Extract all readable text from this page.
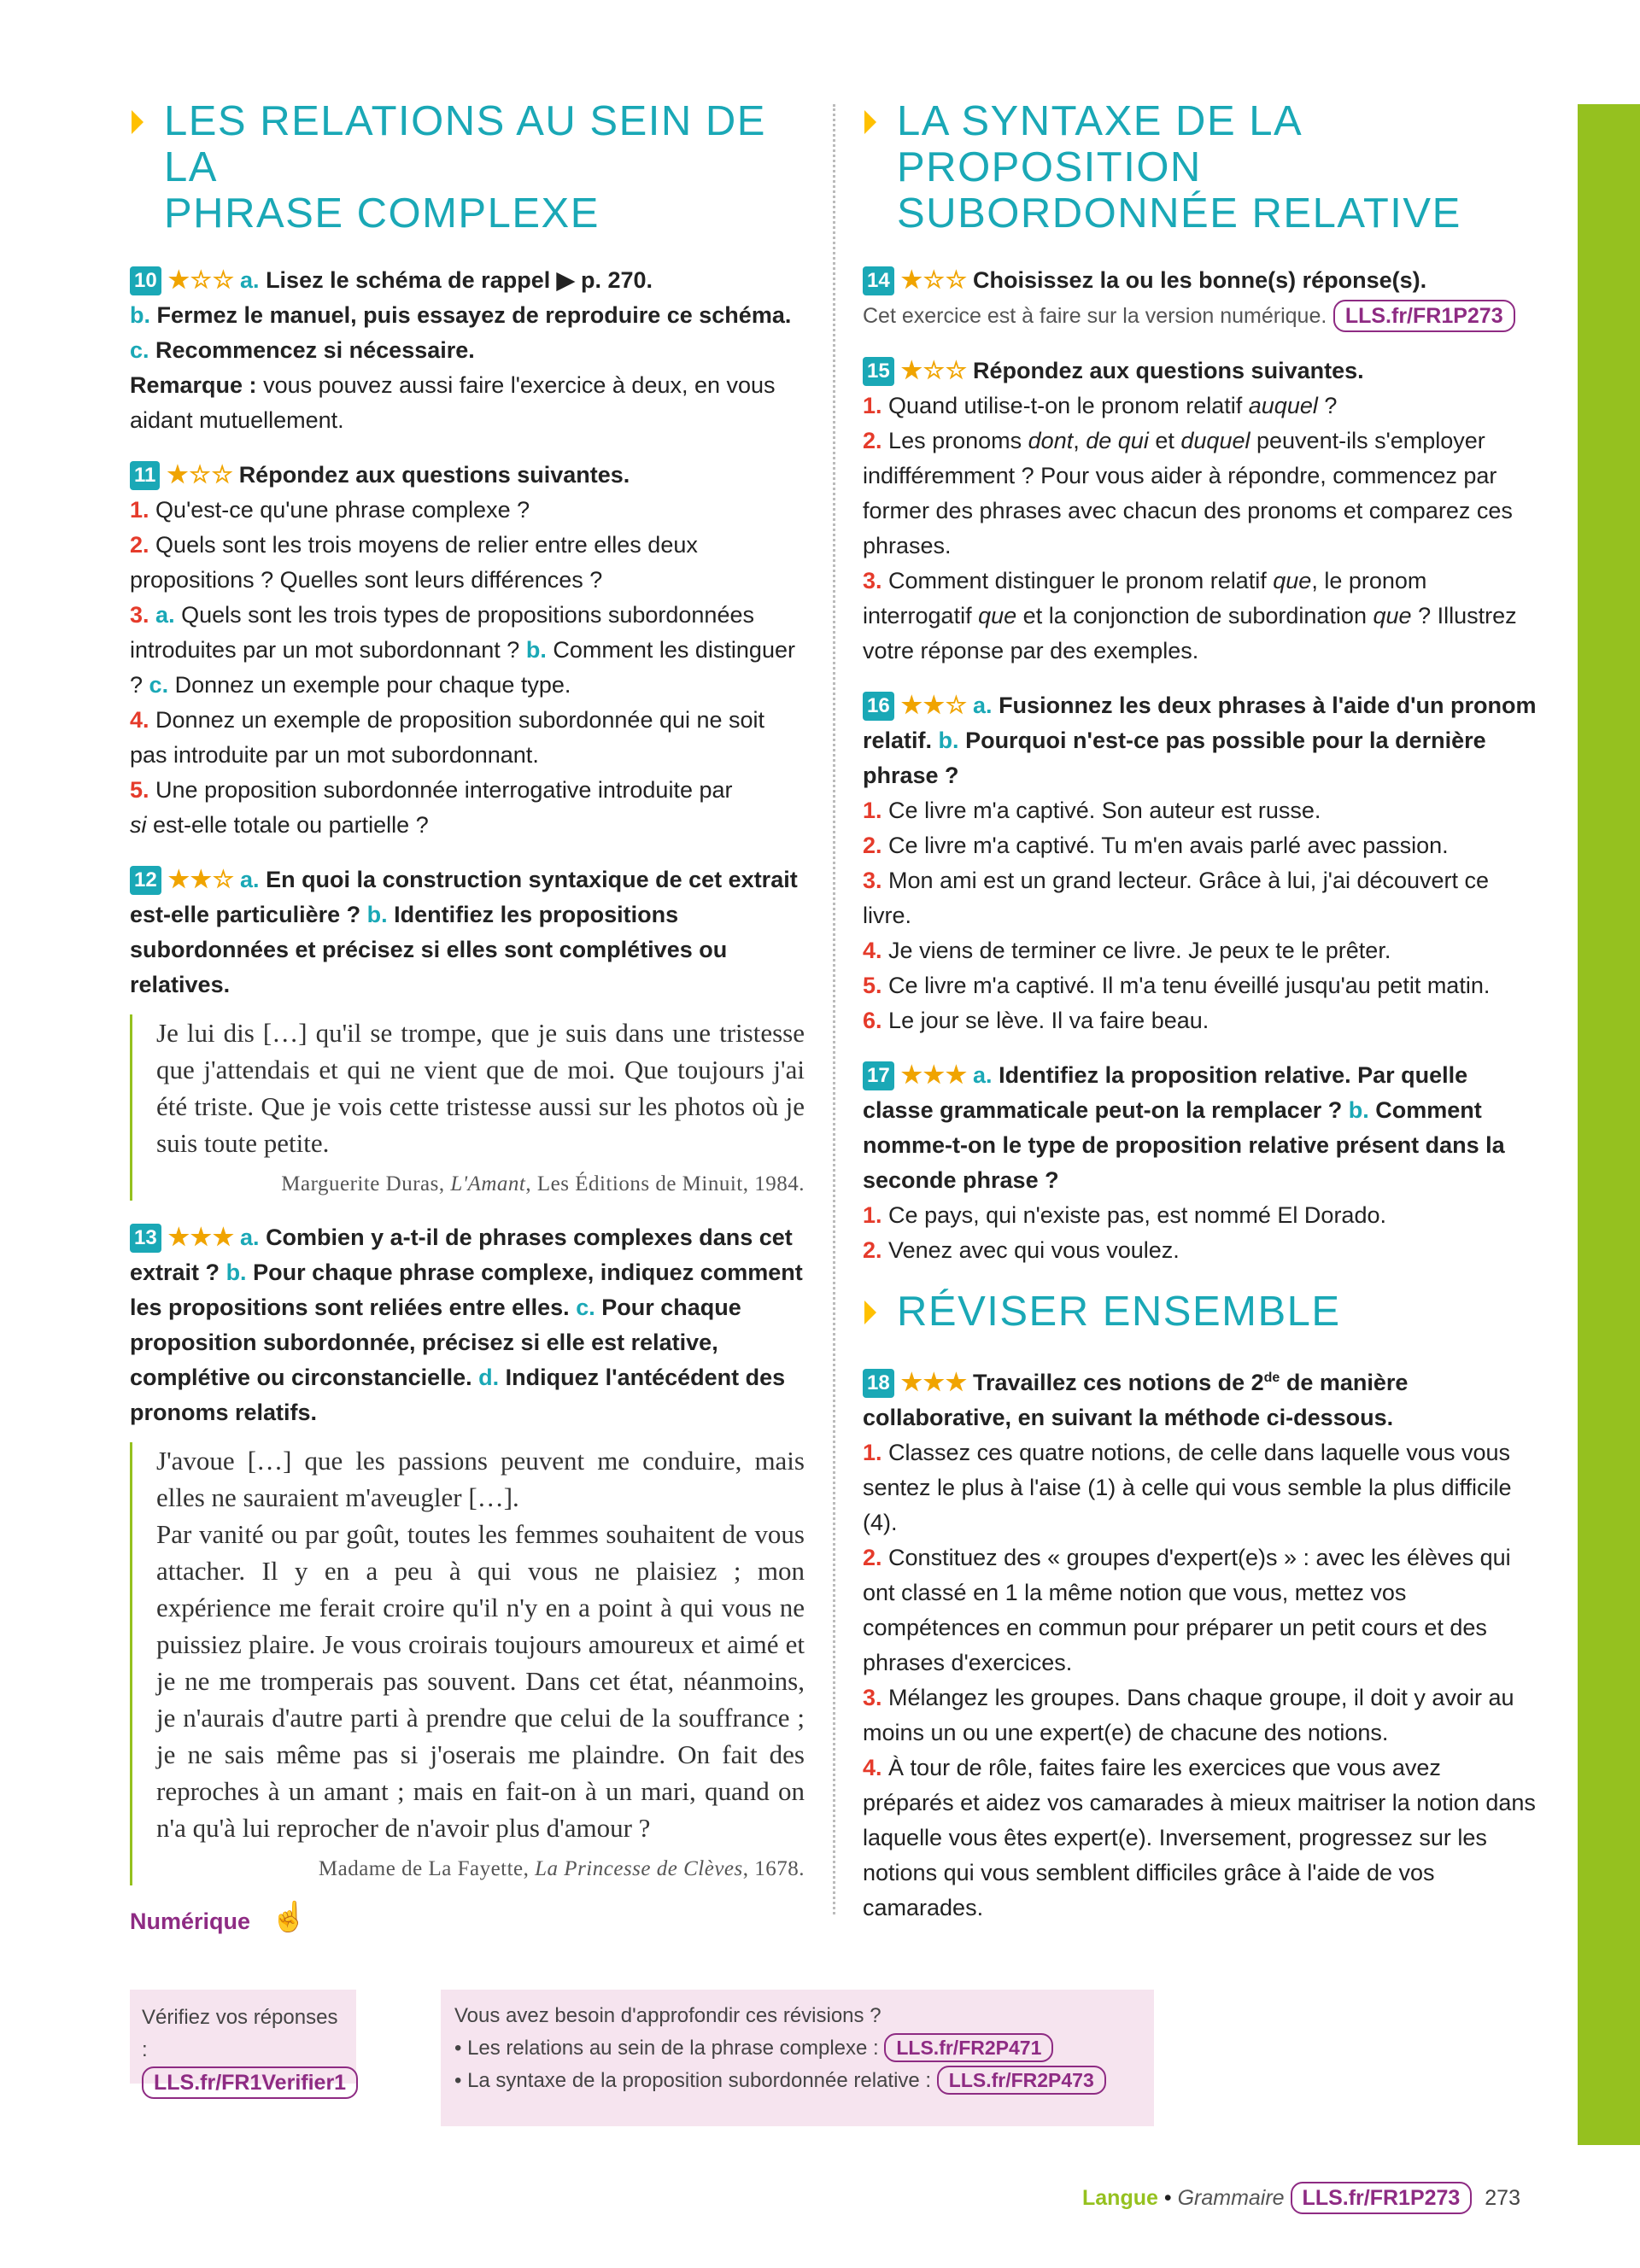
LES RELATIONS AU SEIN DE LA
PHRASE COMPLEXE
10 ★☆☆ a. Lisez le schéma de rappel ▶ p. 270.
b. Fermez le manuel, puis essayez de reproduire ce schéma.
c. Recommencez si nécessaire.
Remarque : vous pouvez aussi faire l'exercice à deux, en vous aidant mutuellement.
11 ★☆☆ Répondez aux questions suivantes.
1. Qu'est-ce qu'une phrase complexe ?
2. Quels sont les trois moyens de relier entre elles deux propositions ? Quelles sont leurs différences ?
3. a. Quels sont les trois types de propositions subordonnées introduites par un mot subordonnant ? b. Comment les distinguer ? c. Donnez un exemple pour chaque type.
4. Donnez un exemple de proposition subordonnée qui ne soit pas introduite par un mot subordonnant.
5. Une proposition subordonnée interrogative introduite par
si est-elle totale ou partielle ?
12 ★★☆ a. En quoi la construction syntaxique de cet extrait est-elle particulière ? b. Identifiez les propositions subordonnées et précisez si elles sont complétives ou relatives.
Je lui dis […] qu'il se trompe, que je suis dans une tristesse que j'attendais et qui ne vient que de moi. Que toujours j'ai été triste. Que je vois cette tristesse aussi sur les photos où je suis toute petite.
Marguerite Duras, L'Amant, Les Éditions de Minuit, 1984.
13 ★★★ a. Combien y a-t-il de phrases complexes dans cet extrait ? b. Pour chaque phrase complexe, indiquez comment les propositions sont reliées entre elles. c. Pour chaque proposition subordonnée, précisez si elle est relative, complétive ou circonstancielle. d. Indiquez l'antécédent des pronoms relatifs.
J'avoue […] que les passions peuvent me conduire, mais elles ne sauraient m'aveugler […].
Par vanité ou par goût, toutes les femmes souhaitent de vous attacher. Il y en a peu à qui vous ne plaisiez ; mon expérience me ferait croire qu'il n'y en a point à qui vous ne puissiez plaire. Je vous croirais toujours amoureux et aimé et je ne me tromperais pas souvent. Dans cet état, néanmoins, je n'aurais d'autre parti à prendre que celui de la souffrance ; je ne sais même pas si j'oserais me plaindre. On fait des reproches à un amant ; mais en fait-on à un mari, quand on n'a qu'à lui reprocher de n'avoir plus d'amour ?
Madame de La Fayette, La Princesse de Clèves, 1678.
LA SYNTAXE DE LA PROPOSITION
SUBORDONNÉE RELATIVE
14 ★☆☆ Choisissez la ou les bonne(s) réponse(s).
Cet exercice est à faire sur la version numérique. LLS.fr/FR1P273
15 ★☆☆ Répondez aux questions suivantes.
1. Quand utilise-t-on le pronom relatif auquel ?
2. Les pronoms dont, de qui et duquel peuvent-ils s'employer indifféremment ? Pour vous aider à répondre, commencez par former des phrases avec chacun des pronoms et comparez ces phrases.
3. Comment distinguer le pronom relatif que, le pronom interrogatif que et la conjonction de subordination que ? Illustrez votre réponse par des exemples.
16 ★★☆ a. Fusionnez les deux phrases à l'aide d'un pronom relatif. b. Pourquoi n'est-ce pas possible pour la dernière phrase ?
1. Ce livre m'a captivé. Son auteur est russe.
2. Ce livre m'a captivé. Tu m'en avais parlé avec passion.
3. Mon ami est un grand lecteur. Grâce à lui, j'ai découvert ce livre.
4. Je viens de terminer ce livre. Je peux te le prêter.
5. Ce livre m'a captivé. Il m'a tenu éveillé jusqu'au petit matin.
6. Le jour se lève. Il va faire beau.
17 ★★★ a. Identifiez la proposition relative. Par quelle classe grammaticale peut-on la remplacer ? b. Comment nomme-t-on le type de proposition relative présent dans la seconde phrase ?
1. Ce pays, qui n'existe pas, est nommé El Dorado.
2. Venez avec qui vous voulez.
RÉVISER ENSEMBLE
18 ★★★ Travaillez ces notions de 2de de manière collaborative, en suivant la méthode ci-dessous.
1. Classez ces quatre notions, de celle dans laquelle vous vous sentez le plus à l'aise (1) à celle qui vous semble la plus difficile (4).
2. Constituez des « groupes d'expert(e)s » : avec les élèves qui ont classé en 1 la même notion que vous, mettez vos compétences en commun pour préparer un petit cours et des phrases d'exercices.
3. Mélangez les groupes. Dans chaque groupe, il doit y avoir au moins un ou une expert(e) de chacune des notions.
4. À tour de rôle, faites faire les exercices que vous avez préparés et aidez vos camarades à mieux maitriser la notion dans laquelle vous êtes expert(e). Inversement, progressez sur les notions qui vous semblent difficiles grâce à l'aide de vos camarades.
Numérique ☝
Vérifiez vos réponses :
LLS.fr/FR1Verifier1
Vous avez besoin d'approfondir ces révisions ?
• Les relations au sein de la phrase complexe : LLS.fr/FR2P471
• La syntaxe de la proposition subordonnée relative : LLS.fr/FR2P473
Langue • Grammaire LLS.fr/FR1P273 273
